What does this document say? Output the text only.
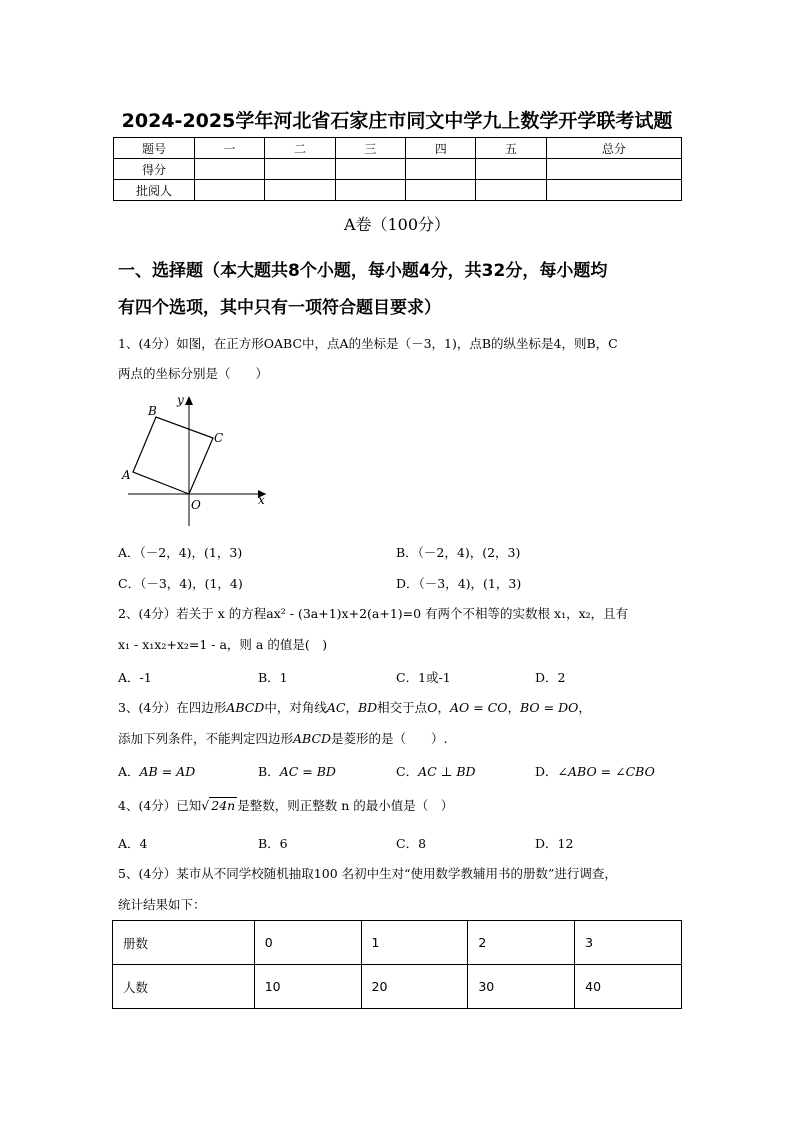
2024-2025学年河北省石家庄市同文中学九上数学开学联考试题
题号	一	二	三	四	五	总分
得分						
批阅人						
A卷（100分）
一、选择题（本大题共8个小题，每小题4分，共32分，每小题均
有四个选项，其中只有一项符合题目要求）
1、(4分）如图，在正方形OABC中，点A的坐标是（－3，1)，点B的纵坐标是4，则B，C
两点的坐标分别是（　　）
B
C
A
O	x
y
A．（－2，4)，(1，3)	B．（－2，4)，(2，3)
C．（－3，4)，(1，4)	D．（－3，4)，(1，3)
2、(4分）若关于 x 的方程ax² - (3a+1)x+2(a+1)=0 有两个不相等的实数根 x₁，x₂，且有
x₁ - x₁x₂+x₂=1 - a，则 a 的值是(　)
A．-1	B．1	C．1或-1	D．2
3、(4分）在四边形ABCD中，对角线AC，BD相交于点O，AO = CO，BO = DO，
添加下列条件，不能判定四边形ABCD是菱形的是（　　）.
A．AB = AD	B．AC = BD	C．AC ⊥ BD	D．∠ABO = ∠CBO
4、(4分）已知√ 24n 是整数，则正整数 n 的最小值是（　）
A．4	B．6	C．8	D．12
5、(4分）某市从不同学校随机抽取100 名初中生对“使用数学教辅用书的册数”进行调查，
统计结果如下：
册数	0	1	2	3
人数	10	20	30	40
